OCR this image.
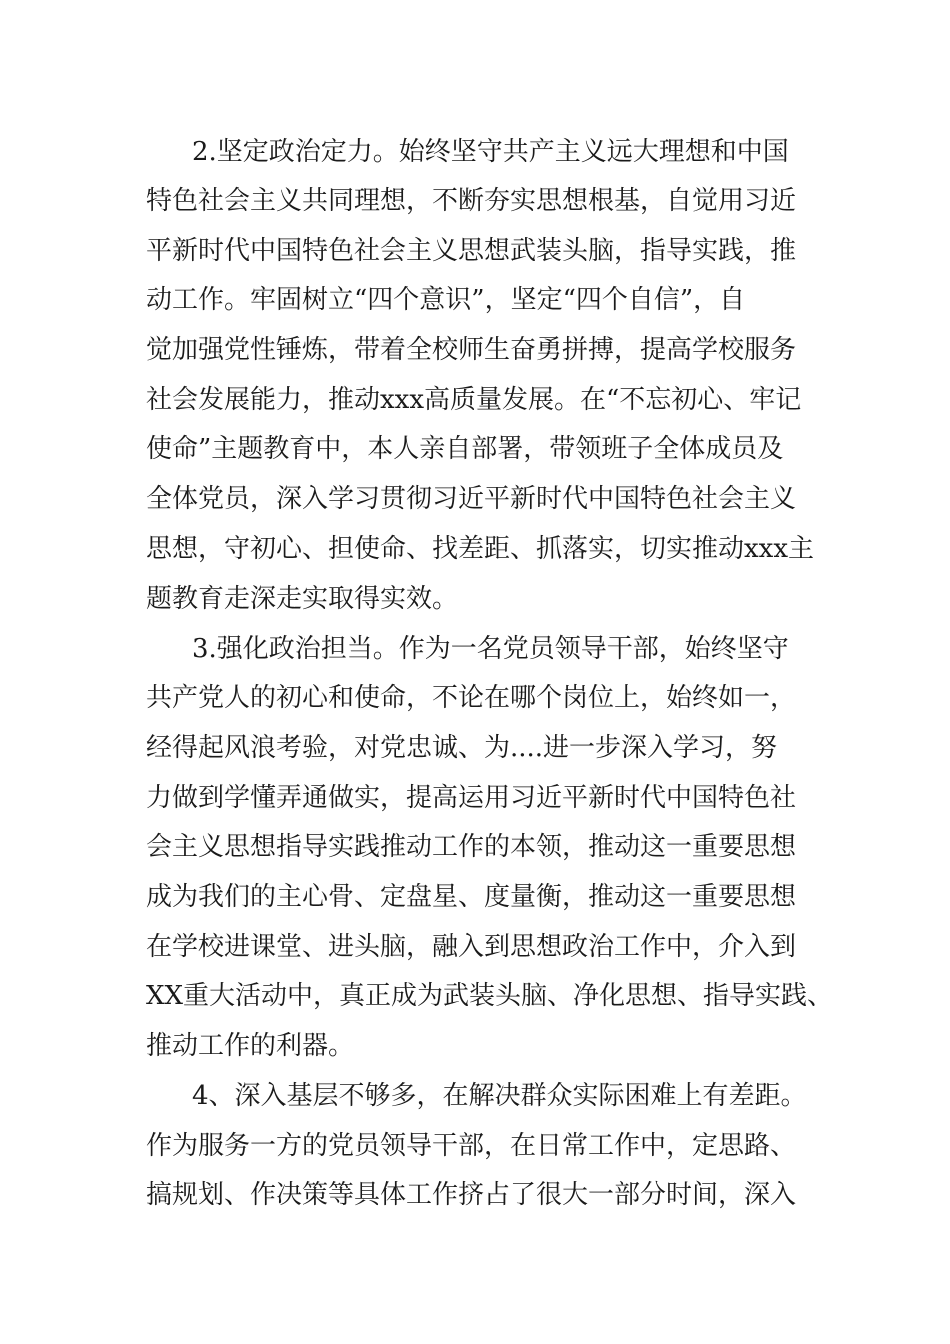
2.坚定政治定力。始终坚守共产主义远大理想和中国
特色社会主义共同理想，不断夯实思想根基，自觉用习近
平新时代中国特色社会主义思想武装头脑，指导实践，推
动工作。牢固树立“四个意识”，坚定“四个自信”，自
觉加强党性锤炼，带着全校师生奋勇拼搏，提高学校服务
社会发展能力，推动xxx高质量发展。在“不忘初心、牢记
使命”主题教育中，本人亲自部署，带领班子全体成员及
全体党员，深入学习贯彻习近平新时代中国特色社会主义
思想，守初心、担使命、找差距、抓落实，切实推动xxx主
题教育走深走实取得实效。
3.强化政治担当。作为一名党员领导干部，始终坚守
共产党人的初心和使命，不论在哪个岗位上，始终如一，
经得起风浪考验，对党忠诚、为....进一步深入学习，努
力做到学懂弄通做实，提高运用习近平新时代中国特色社
会主义思想指导实践推动工作的本领，推动这一重要思想
成为我们的主心骨、定盘星、度量衡，推动这一重要思想
在学校进课堂、进头脑，融入到思想政治工作中，介入到
XX重大活动中，真正成为武装头脑、净化思想、指导实践、
推动工作的利器。
4、深入基层不够多，在解决群众实际困难上有差距。
作为服务一方的党员领导干部，在日常工作中，定思路、
搞规划、作决策等具体工作挤占了很大一部分时间，深入
